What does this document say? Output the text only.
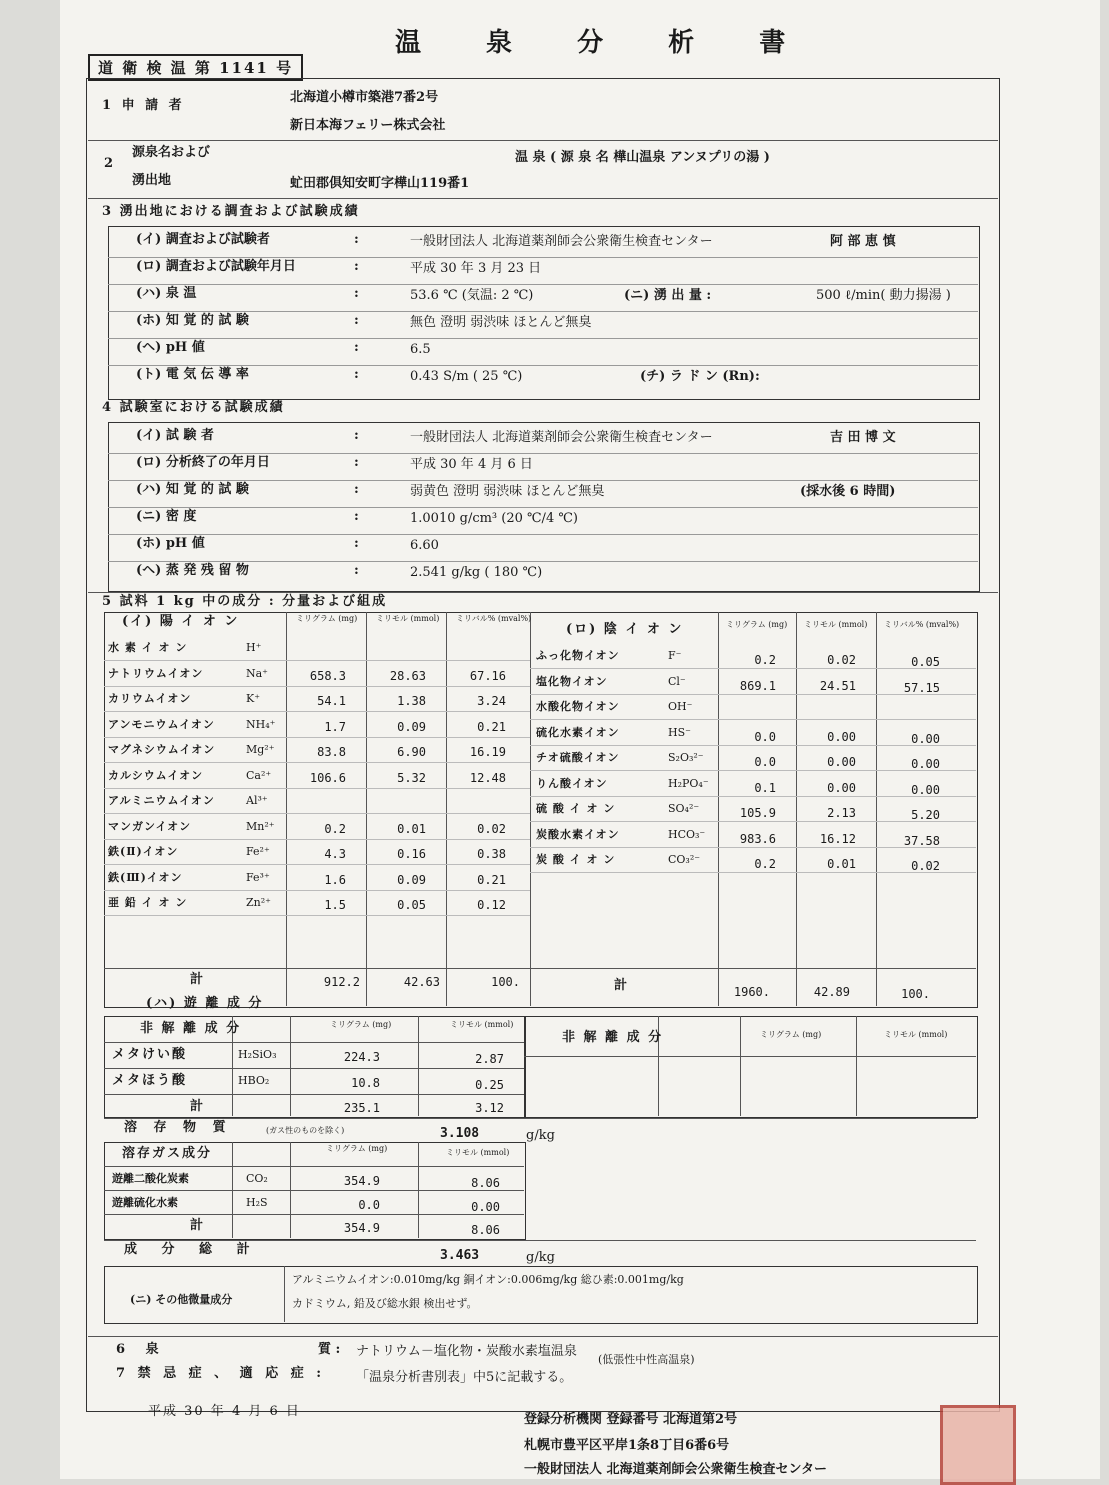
温 泉 分 析 書
道 衛 検 温 第 1141 号
1 申 請 者
北海道小樽市築港7番2号
新日本海フェリー株式会社
2
源泉名および
湧出地
温 泉 ( 源 泉 名 樺山温泉 アンヌプリの湯 )
虻田郡倶知安町字樺山119番1
3 湧出地における調査および試験成績
(イ) 調査および試験者	:	一般財団法人 北海道薬剤師会公衆衛生検査センター	阿 部 恵 慎
(ロ) 調査および試験年月日	:	平成 30 年 3 月 23 日
(ハ) 泉 温	:	53.6 ℃ (気温: 2 ℃)	(ニ) 湧 出 量 :	500 ℓ/min( 動力揚湯 )
(ホ) 知 覚 的 試 験	:	無色 澄明 弱渋味 ほとんど無臭
(ヘ) pH 値	:	6.5
(ト) 電 気 伝 導 率	:	0.43 S/m ( 25 ℃)	(チ) ラ ド ン (Rn):
4 試験室における試験成績
(イ) 試 験 者	:	一般財団法人 北海道薬剤師会公衆衛生検査センター	吉 田 博 文
(ロ) 分析終了の年月日	:	平成 30 年 4 月 6 日
(ハ) 知 覚 的 試 験	:	弱黄色 澄明 弱渋味 ほとんど無臭	(採水後 6 時間)
(ニ) 密 度	:	1.0010 g/cm³ (20 ℃/4 ℃)
(ホ) pH 値	:	6.60
(ヘ) 蒸 発 残 留 物	:	2.541 g/kg ( 180 ℃)
5 試料 1 kg 中の成分 : 分量および組成
(イ) 陽 イ オ ン
(ロ) 陰 イ オ ン
ミリグラム (mg) ミリモル (mmol) ミリバル% (mval%)
ミリグラム (mg)	ミリモル (mmol) ミリバル% (mval%)
水 素 イ オ ン	H⁺
ナトリウムイオン	Na⁺	658.3	28.63	67.16
カリウムイオン	K⁺	54.1	1.38	3.24
アンモニウムイオン	NH₄⁺	1.7	0.09	0.21
マグネシウムイオン	Mg²⁺	83.8	6.90	16.19
カルシウムイオン	Ca²⁺	106.6	5.32	12.48
アルミニウムイオン	Al³⁺
マンガンイオン	Mn²⁺	0.2	0.01	0.02
鉄(Ⅱ)イオン	Fe²⁺	4.3	0.16	0.38
鉄(Ⅲ)イオン	Fe³⁺	1.6	0.09	0.21
亜 鉛 イ オ ン	Zn²⁺	1.5	0.05	0.12
ふっ化物イオン	F⁻	0.2	0.02	0.05
塩化物イオン	Cl⁻	869.1	24.51	57.15
水酸化物イオン	OH⁻
硫化水素イオン	HS⁻	0.0	0.00	0.00
チオ硫酸イオン	S₂O₃²⁻	0.0	0.00	0.00
りん酸イオン	H₂PO₄⁻	0.1	0.00	0.00
硫 酸 イ オ ン	SO₄²⁻	105.9	2.13	5.20
炭酸水素イオン	HCO₃⁻	983.6	16.12	37.58
炭 酸 イ オ ン	CO₃²⁻	0.2	0.01	0.02
計	912.2	42.63	100.	計	1960.	42.89	100.
(ハ) 遊 離 成 分
非 解 離 成 分	ミリグラム (mg)	ミリモル (mmol)
メタけい酸	H₂SiO₃	224.3	2.87
メタほう酸	HBO₂	10.8	0.25
計	235.1	3.12
非 解 離 成 分	ミリグラム (mg)	ミリモル (mmol)
溶 存 物 質	(ガス性のものを除く)	3.108	g/kg
溶存ガス成分	ミリグラム (mg)	ミリモル (mmol)
遊離二酸化炭素	CO₂	354.9	8.06
遊離硫化水素	H₂S	0.0	0.00
計	354.9	8.06
成 分 総 計	3.463	g/kg
(ニ) その他微量成分
アルミニウムイオン:0.010mg/kg 銅イオン:0.006mg/kg 総ひ素:0.001mg/kg
カドミウム, 鉛及び総水銀 検出せず。
6 泉	質 : ナトリウム－塩化物・炭酸水素塩温泉
(低張性中性高温泉)
7 禁 忌 症 、 適 応 症 : 「温泉分析書別表」中5に記載する。
平成 30 年 4 月 6 日
登録分析機関 登録番号 北海道第2号
札幌市豊平区平岸1条8丁目6番6号
一般財団法人 北海道薬剤師会公衆衛生検査センター
